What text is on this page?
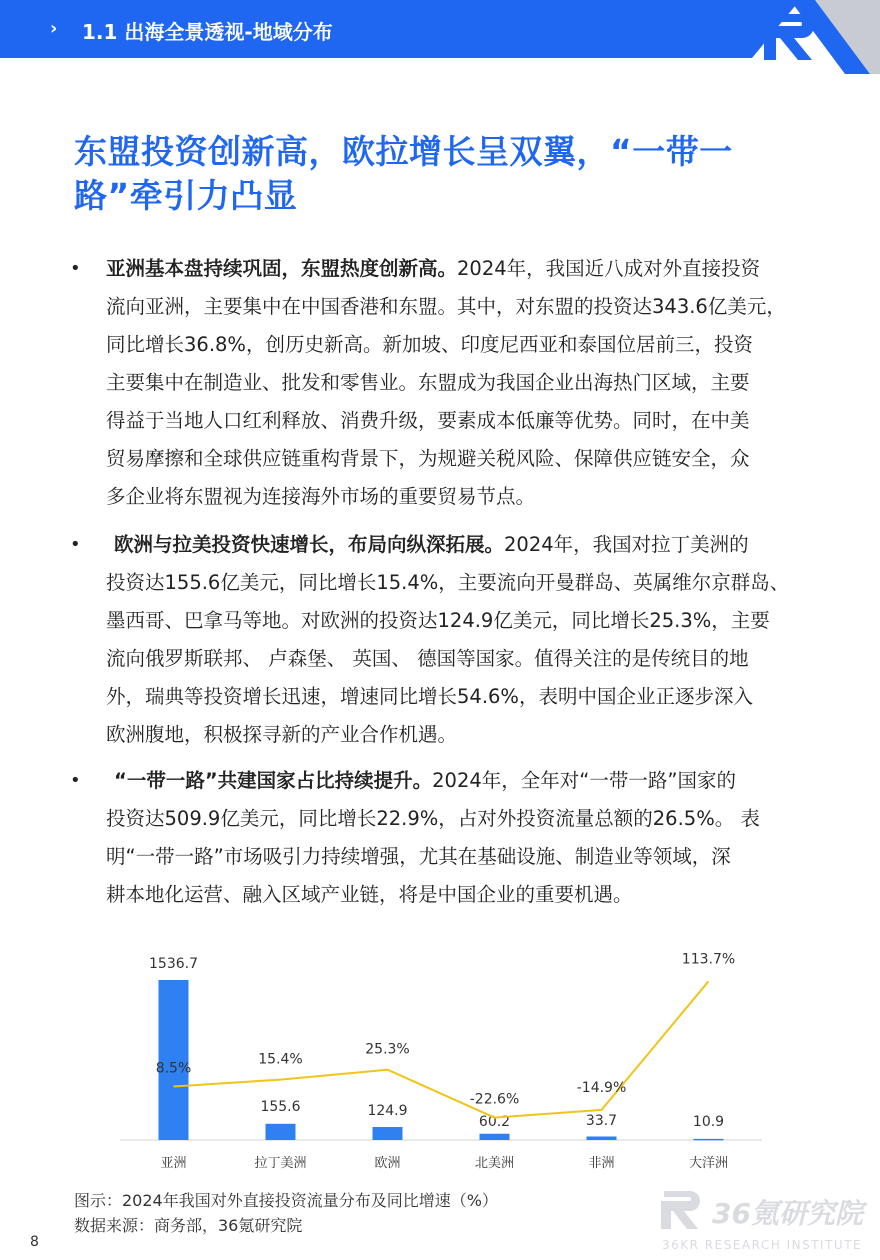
› 1.1 出海全景透视-地域分布
东盟投资创新高，欧拉增长呈双翼，“一带一
路”牵引力凸显
• 亚洲基本盘持续巩固，东盟热度创新高。2024年，我国近八成对外直接投资
流向亚洲，主要集中在中国香港和东盟。其中，对东盟的投资达343.6亿美元，
同比增长36.8%，创历史新高。新加坡、印度尼西亚和泰国位居前三，投资
主要集中在制造业、批发和零售业。东盟成为我国企业出海热门区域，主要
得益于当地人口红利释放、消费升级，要素成本低廉等优势。同时，在中美
贸易摩擦和全球供应链重构背景下，为规避关税风险、保障供应链安全，众
多企业将东盟视为连接海外市场的重要贸易节点。
•	欧洲与拉美投资快速增长，布局向纵深拓展。2024年，我国对拉丁美洲的
投资达155.6亿美元，同比增长15.4%，主要流向开曼群岛、英属维尔京群岛、
墨西哥、巴拿马等地。对欧洲的投资达124.9亿美元，同比增长25.3%，主要
流向俄罗斯联邦、 卢森堡、 英国、 德国等国家。值得关注的是传统目的地
外，瑞典等投资增长迅速，增速同比增长54.6%，表明中国企业正逐步深入
欧洲腹地，积极探寻新的产业合作机遇。
•	“一带一路”共建国家占比持续提升。2024年，全年对“一带一路”国家的
投资达509.9亿美元，同比增长22.9%，占对外投资流量总额的26.5%。 表
明“一带一路”市场吸引力持续增强，尤其在基础设施、制造业等领域，深
耕本地化运营、融入区域产业链，将是中国企业的重要机遇。
亚洲	拉丁美洲	欧洲	北美洲	非洲	大洋洲
1536.7
155.6	124.9
60.2	33.7	10.9
8.5%
15.4%
25.3%
-22.6%
-14.9%
113.7%
图示：2024年我国对外直接投资流量分布及同比增速（%）
数据来源：商务部，36氪研究院	36氪研究院
36KR RESEARCH INSTITUTE
8
